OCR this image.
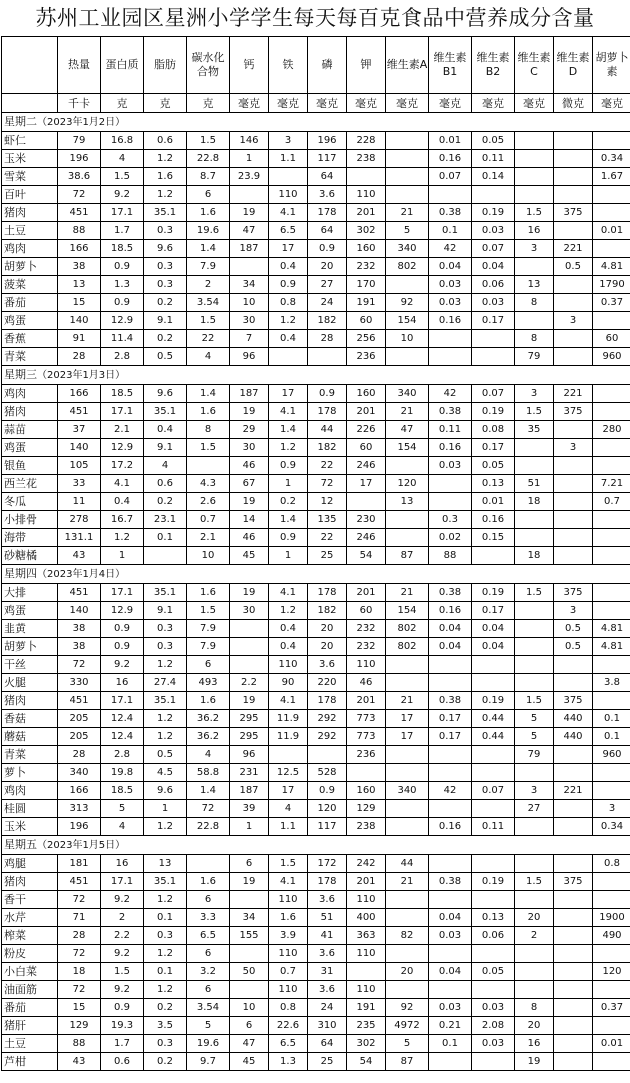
苏州工业园区星洲小学学生每天每百克食品中营养成分含量
	热量	蛋白质	脂肪	碳水化合物	钙	铁	磷	钾	维生素A	维生素B1	维生素B2	维生素C	维生素D	胡萝卜素
	千卡	克	克	克	毫克	毫克	毫克	毫克	毫克	毫克	毫克	毫克	微克	毫克
星期二（2023年1月2日）														
虾仁	79	16.8	0.6	1.5	146	3	196	228		0.01	0.05			
玉米	196	4	1.2	22.8	1	1.1	117	238		0.16	0.11			0.34
雪菜	38.6	1.5	1.6	8.7	23.9		64			0.07	0.14			1.67
百叶	72	9.2	1.2	6		110	3.6	110						
猪肉	451	17.1	35.1	1.6	19	4.1	178	201	21	0.38	0.19	1.5	375	
土豆	88	1.7	0.3	19.6	47	6.5	64	302	5	0.1	0.03	16		0.01
鸡肉	166	18.5	9.6	1.4	187	17	0.9	160	340	42	0.07	3	221	
胡萝卜	38	0.9	0.3	7.9		0.4	20	232	802	0.04	0.04		0.5	4.81
菠菜	13	1.3	0.3	2	34	0.9	27	170		0.03	0.06	13		1790
番茄	15	0.9	0.2	3.54	10	0.8	24	191	92	0.03	0.03	8		0.37
鸡蛋	140	12.9	9.1	1.5	30	1.2	182	60	154	0.16	0.17		3	
香蕉	91	11.4	0.2	22	7	0.4	28	256	10			8		60
青菜	28	2.8	0.5	4	96			236				79		960
星期三（2023年1月3日）														
鸡肉	166	18.5	9.6	1.4	187	17	0.9	160	340	42	0.07	3	221	
猪肉	451	17.1	35.1	1.6	19	4.1	178	201	21	0.38	0.19	1.5	375	
蒜苗	37	2.1	0.4	8	29	1.4	44	226	47	0.11	0.08	35		280
鸡蛋	140	12.9	9.1	1.5	30	1.2	182	60	154	0.16	0.17		3	
银鱼	105	17.2	4		46	0.9	22	246		0.03	0.05			
西兰花	33	4.1	0.6	4.3	67	1	72	17	120		0.13	51		7.21
冬瓜	11	0.4	0.2	2.6	19	0.2	12		13		0.01	18		0.7
小排骨	278	16.7	23.1	0.7	14	1.4	135	230		0.3	0.16			
海带	131.1	1.2	0.1	2.1	46	0.9	22	246		0.02	0.15			
砂糖橘	43	1		10	45	1	25	54	87	88		18		
星期四（2023年1月4日）														
大排	451	17.1	35.1	1.6	19	4.1	178	201	21	0.38	0.19	1.5	375	
鸡蛋	140	12.9	9.1	1.5	30	1.2	182	60	154	0.16	0.17		3	
韭黄	38	0.9	0.3	7.9		0.4	20	232	802	0.04	0.04		0.5	4.81
胡萝卜	38	0.9	0.3	7.9		0.4	20	232	802	0.04	0.04		0.5	4.81
干丝	72	9.2	1.2	6		110	3.6	110						
火腿	330	16	27.4	493	2.2	90	220	46						3.8
猪肉	451	17.1	35.1	1.6	19	4.1	178	201	21	0.38	0.19	1.5	375	
香菇	205	12.4	1.2	36.2	295	11.9	292	773	17	0.17	0.44	5	440	0.1
蘑菇	205	12.4	1.2	36.2	295	11.9	292	773	17	0.17	0.44	5	440	0.1
青菜	28	2.8	0.5	4	96			236				79		960
萝卜	340	19.8	4.5	58.8	231	12.5	528							
鸡肉	166	18.5	9.6	1.4	187	17	0.9	160	340	42	0.07	3	221	
桂圆	313	5	1	72	39	4	120	129				27		3
玉米	196	4	1.2	22.8	1	1.1	117	238		0.16	0.11			0.34
星期五（2023年1月5日）														
鸡腿	181	16	13		6	1.5	172	242	44					0.8
猪肉	451	17.1	35.1	1.6	19	4.1	178	201	21	0.38	0.19	1.5	375	
香干	72	9.2	1.2	6		110	3.6	110						
水芹	71	2	0.1	3.3	34	1.6	51	400		0.04	0.13	20		1900
榨菜	28	2.2	0.3	6.5	155	3.9	41	363	82	0.03	0.06	2		490
粉皮	72	9.2	1.2	6		110	3.6	110						
小白菜	18	1.5	0.1	3.2	50	0.7	31		20	0.04	0.05			120
油面筋	72	9.2	1.2	6		110	3.6	110						
番茄	15	0.9	0.2	3.54	10	0.8	24	191	92	0.03	0.03	8		0.37
猪肝	129	19.3	3.5	5	6	22.6	310	235	4972	0.21	2.08	20		
土豆	88	1.7	0.3	19.6	47	6.5	64	302	5	0.1	0.03	16		0.01
芦柑	43	0.6	0.2	9.7	45	1.3	25	54	87			19		
